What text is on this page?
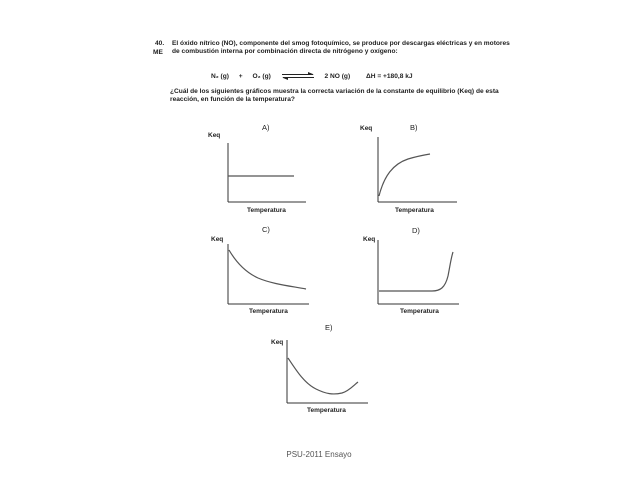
40.
ME
El óxido nítrico (NO), componente del smog fotoquímico, se produce por descargas eléctricas y en motores de combustión interna por combinación directa de nitrógeno y oxígeno:
N₂ (g) + O₂ (g)	2 NO (g) ΔH = +180,8 kJ
¿Cuál de los siguientes gráficos muestra la correcta variación de la constante de equilibrio (Keq) de esta reacción, en función de la temperatura?
Keq
A)
Temperatura
Keq	B)
Temperatura
Keq
C)
Temperatura
Keq
D)
Temperatura
Keq
E)
Temperatura
PSU-2011 Ensayo
